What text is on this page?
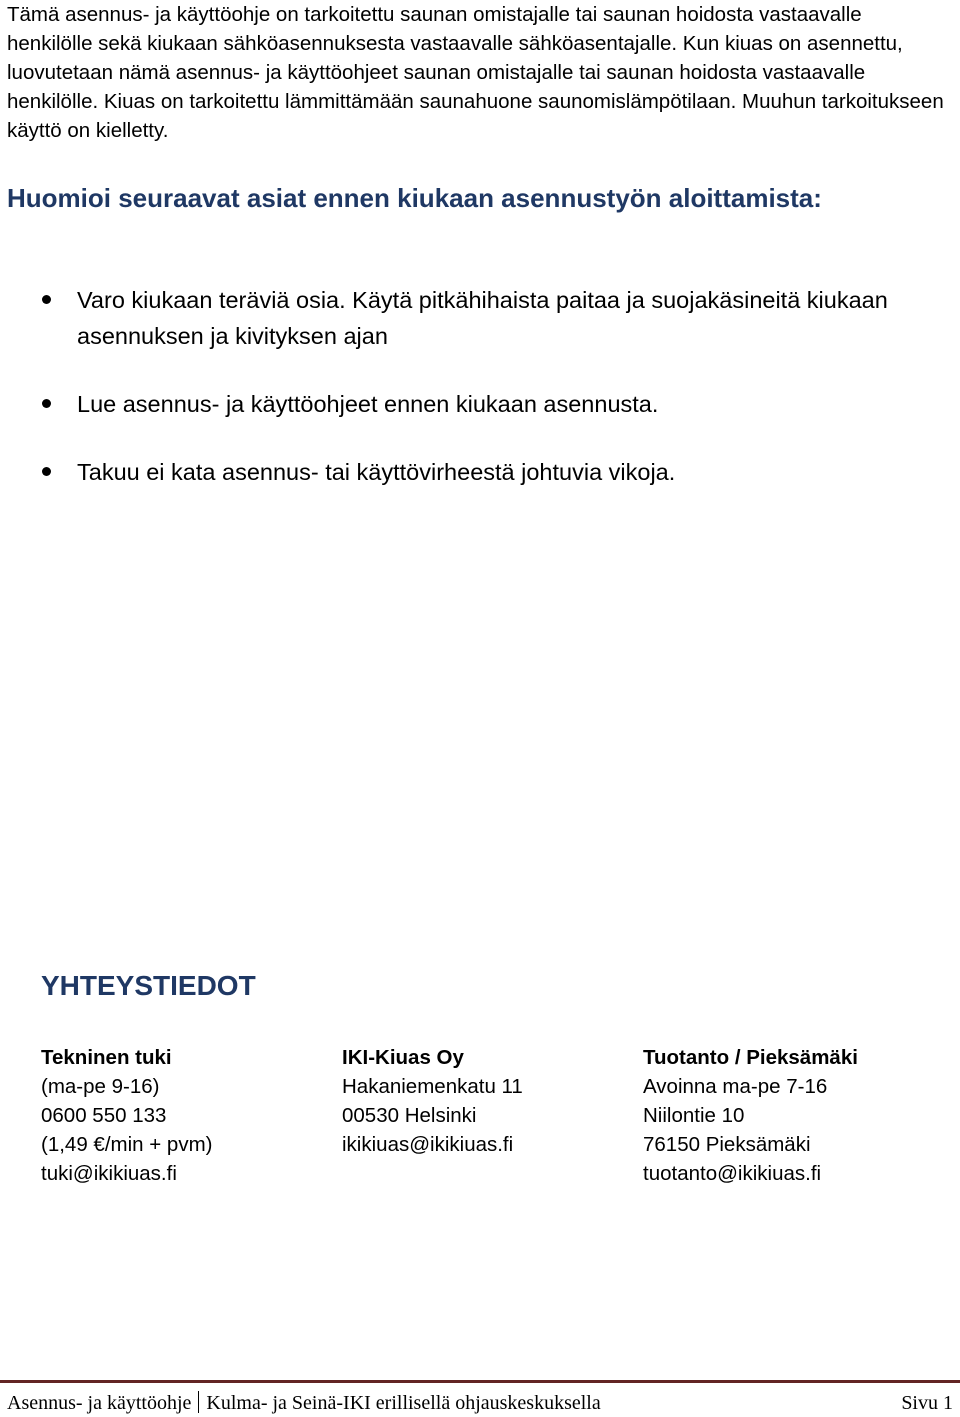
Tämä asennus- ja käyttöohje on tarkoitettu saunan omistajalle tai saunan hoidosta vastaavalle henkilölle sekä kiukaan sähköasennuksesta vastaavalle sähköasentajalle. Kun kiuas on asennettu, luovutetaan nämä asennus- ja käyttöohjeet saunan omistajalle tai saunan hoidosta vastaavalle henkilölle. Kiuas on tarkoitettu lämmittämään saunahuone saunomislämpötilaan. Muuhun tarkoitukseen käyttö on kielletty.

Huomioi seuraavat asiat ennen kiukaan asennustyön aloittamista:
Varo kiukaan teräviä osia. Käytä pitkähihaista paitaa ja suojakäsineitä kiukaan asennuksen ja kivityksen ajan
Lue asennus- ja käyttöohjeet ennen kiukaan asennusta.
Takuu ei kata asennus- tai käyttövirheestä johtuvia vikoja.
YHTEYSTIEDOT
Tekninen tuki
(ma-pe 9-16)
0600 550 133
(1,49 €/min + pvm)
tuki@ikikiuas.fi
IKI-Kiuas Oy
Hakaniemenkatu 11
00530 Helsinki
ikikiuas@ikikiuas.fi
Tuotanto / Pieksämäki
Avoinna ma-pe 7-16
Niilontie 10
76150 Pieksämäki
tuotanto@ikikiuas.fi
Asennus- ja käyttöohje Kulma- ja Seinä-IKI erillisellä ohjauskeskuksella	Sivu 1
